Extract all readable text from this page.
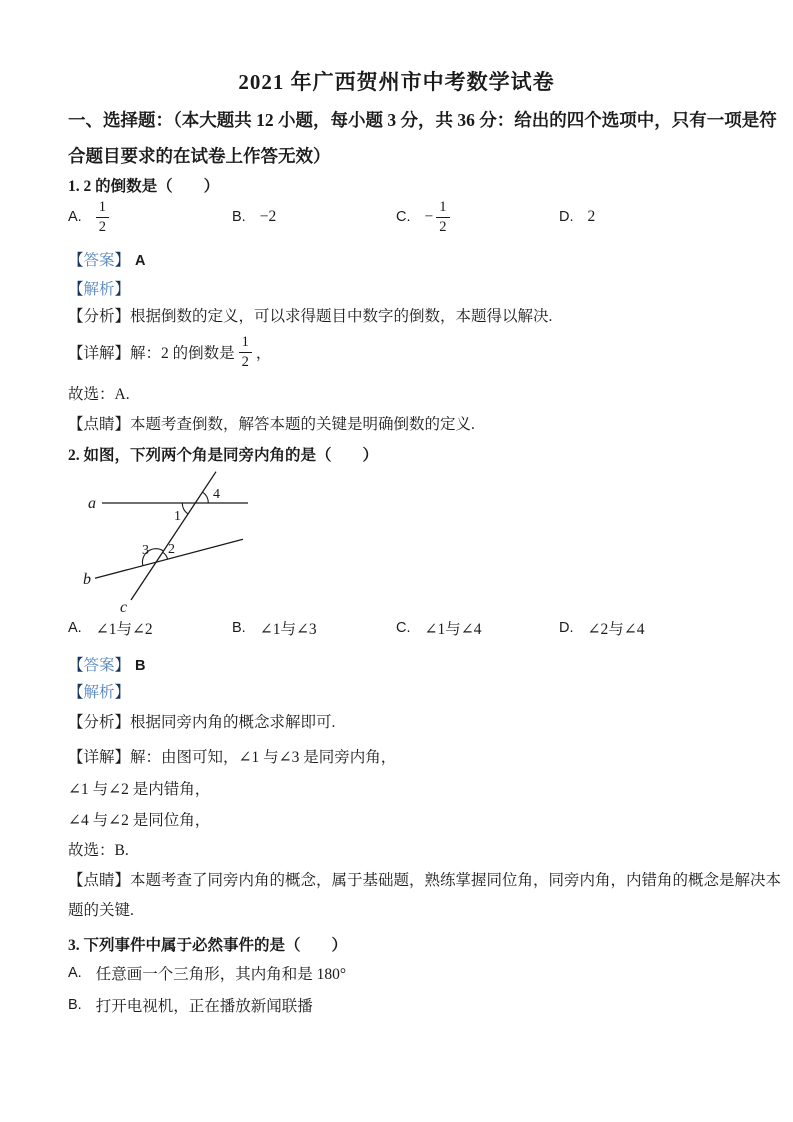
2021 年广西贺州市中考数学试卷
一、选择题：（本大题共 12 小题，每小题 3 分，共 36 分：给出的四个选项中，只有一项是符
合题目要求的在试卷上作答无效）
1. 2 的倒数是（　　）
A. $\frac{1}{2}$	B. −2	C. − $\frac{1}{2}$	D. 2
【答案】 A
【解析】
【分析】根据倒数的定义，可以求得题目中数字的倒数，本题得以解决.
【详解】解：2 的倒数是 $\frac{1}{2}$ ，
故选：A.
【点睛】本题考查倒数，解答本题的关键是明确倒数的定义.
2. 如图，下列两个角是同旁内角的是（　　）
a
b
c
4
1
3 2
A. ∠1与∠2	B. ∠1与∠3	C. ∠1与∠4	D. ∠2与∠4
【答案】 B
【解析】
【分析】根据同旁内角的概念求解即可.
【详解】解：由图可知，∠1 与∠3 是同旁内角，
∠1 与∠2 是内错角，
∠4 与∠2 是同位角，
故选：B.
【点睛】本题考查了同旁内角的概念，属于基础题，熟练掌握同位角，同旁内角，内错角的概念是解决本
题的关键.
3. 下列事件中属于必然事件的是（　　）
A. 任意画一个三角形，其内角和是 180°
B. 打开电视机，正在播放新闻联播
